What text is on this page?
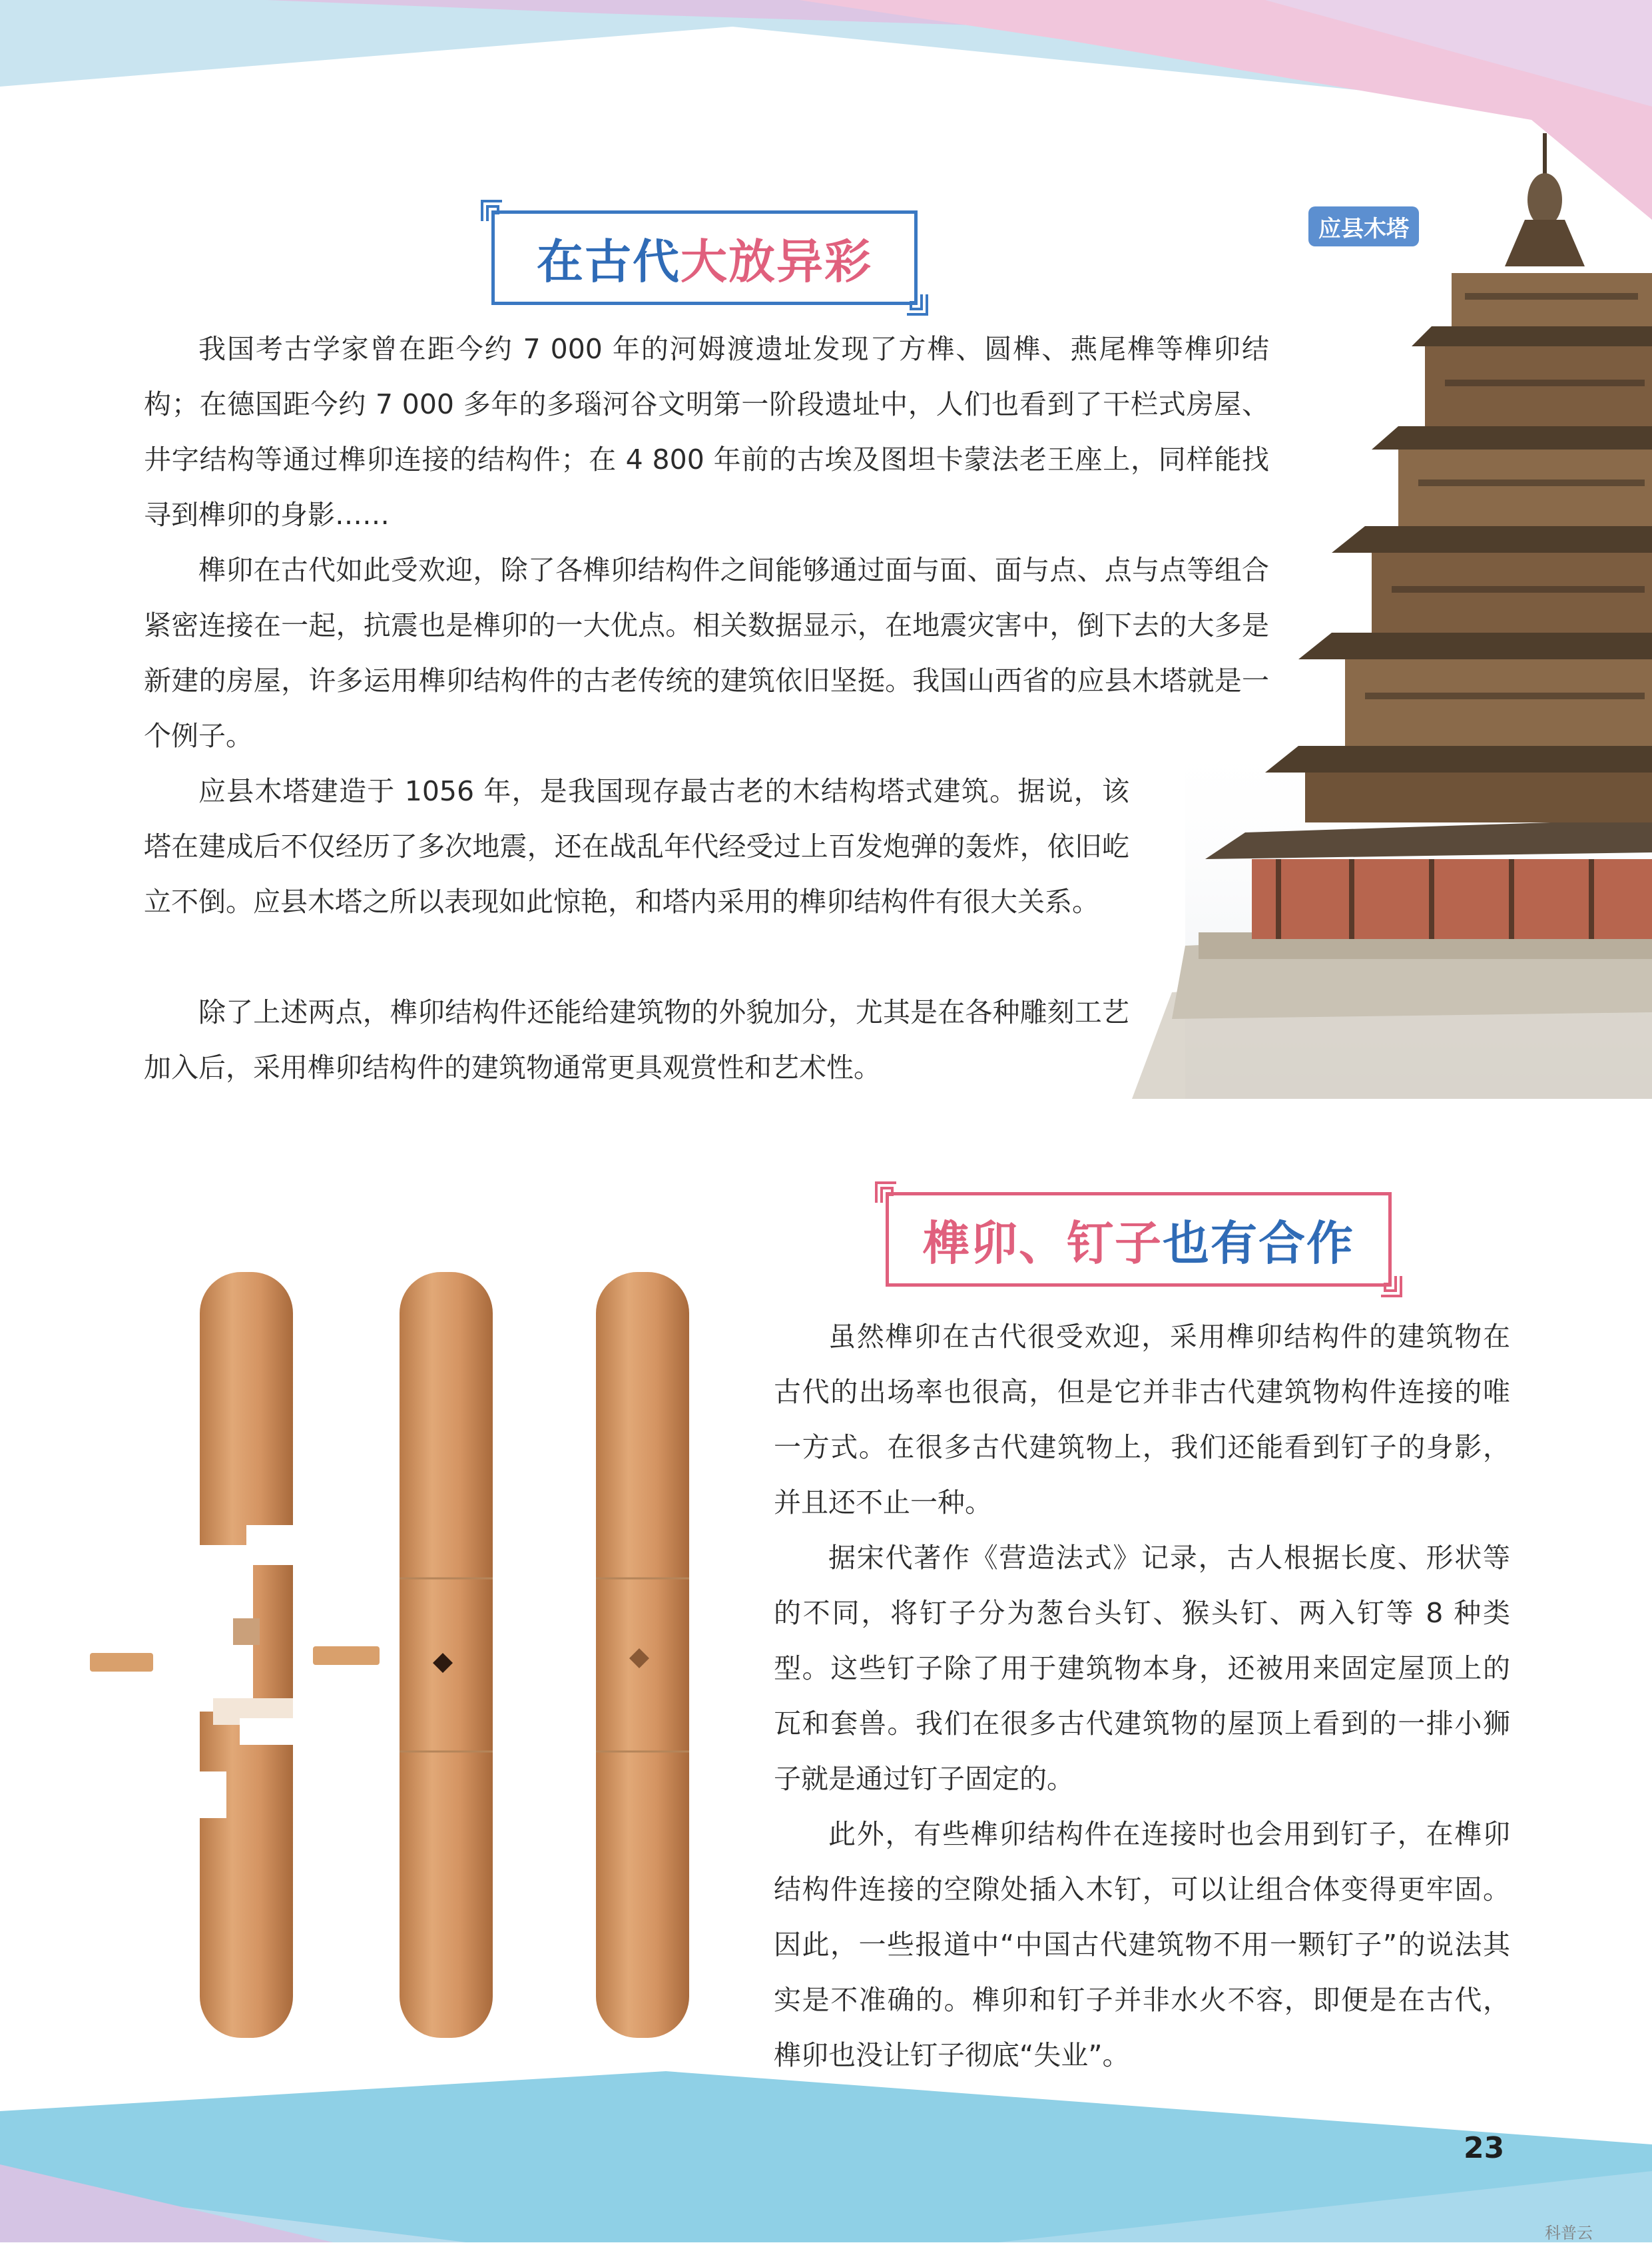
在古代大放异彩

我国考古学家曾在距今约 7 000 年的河姆渡遗址发现了方榫、圆榫、燕尾榫等榫卯结构；在德国距今约 7 000 多年的多瑙河谷文明第一阶段遗址中，人们也看到了干栏式房屋、井字结构等通过榫卯连接的结构件；在 4 800 年前的古埃及图坦卡蒙法老王座上，同样能找寻到榫卯的身影……

榫卯在古代如此受欢迎，除了各榫卯结构件之间能够通过面与面、面与点、点与点等组合紧密连接在一起，抗震也是榫卯的一大优点。相关数据显示，在地震灾害中，倒下去的大多是新建的房屋，许多运用榫卯结构件的古老传统的建筑依旧坚挺。我国山西省的应县木塔就是一个例子。

应县木塔建造于 1056 年，是我国现存最古老的木结构塔式建筑。据说，该塔在建成后不仅经历了多次地震，还在战乱年代经受过上百发炮弹的轰炸，依旧屹立不倒。应县木塔之所以表现如此惊艳，和塔内采用的榫卯结构件有很大关系。

除了上述两点，榫卯结构件还能给建筑物的外貌加分，尤其是在各种雕刻工艺加入后，采用榫卯结构件的建筑物通常更具观赏性和艺术性。

应县木塔
榫卯、钉子也有合作

虽然榫卯在古代很受欢迎，采用榫卯结构件的建筑物在古代的出场率也很高，但是它并非古代建筑物构件连接的唯一方式。在很多古代建筑物上，我们还能看到钉子的身影，并且还不止一种。

据宋代著作《营造法式》记录，古人根据长度、形状等的不同，将钉子分为葱台头钉、猴头钉、两入钉等 8 种类型。这些钉子除了用于建筑物本身，还被用来固定屋顶上的瓦和套兽。我们在很多古代建筑物的屋顶上看到的一排小狮子就是通过钉子固定的。

此外，有些榫卯结构件在连接时也会用到钉子，在榫卯结构件连接的空隙处插入木钉，可以让组合体变得更牢固。因此，一些报道中“中国古代建筑物不用一颗钉子”的说法其实是不准确的。榫卯和钉子并非水火不容，即便是在古代，榫卯也没让钉子彻底“失业”。

23
科普云
